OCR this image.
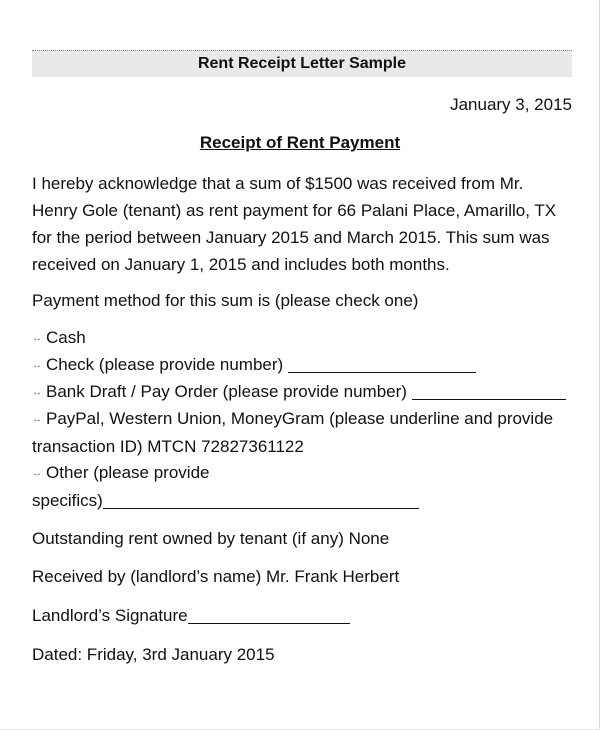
Rent Receipt Letter Sample
January 3, 2015
Receipt of Rent Payment

I hereby acknowledge that a sum of $1500 was received from Mr. Henry Gole (tenant) as rent payment for 66 Palani Place, Amarillo, TX for the period between January 2015 and March 2015. This sum was received on January 1, 2015 and includes both months.

Payment method for this sum is (please check one)
↔ Cash
↔ Check (please provide number)
↔ Bank Draft / Pay Order (please provide number)
↔ PayPal, Western Union, MoneyGram (please underline and provide transaction ID) MTCN 72827361122
↔ Other (please provide
specifics)
Outstanding rent owned by tenant (if any) None
Received by (landlord’s name) Mr. Frank Herbert
Landlord’s Signature
Dated: Friday, 3rd January 2015
